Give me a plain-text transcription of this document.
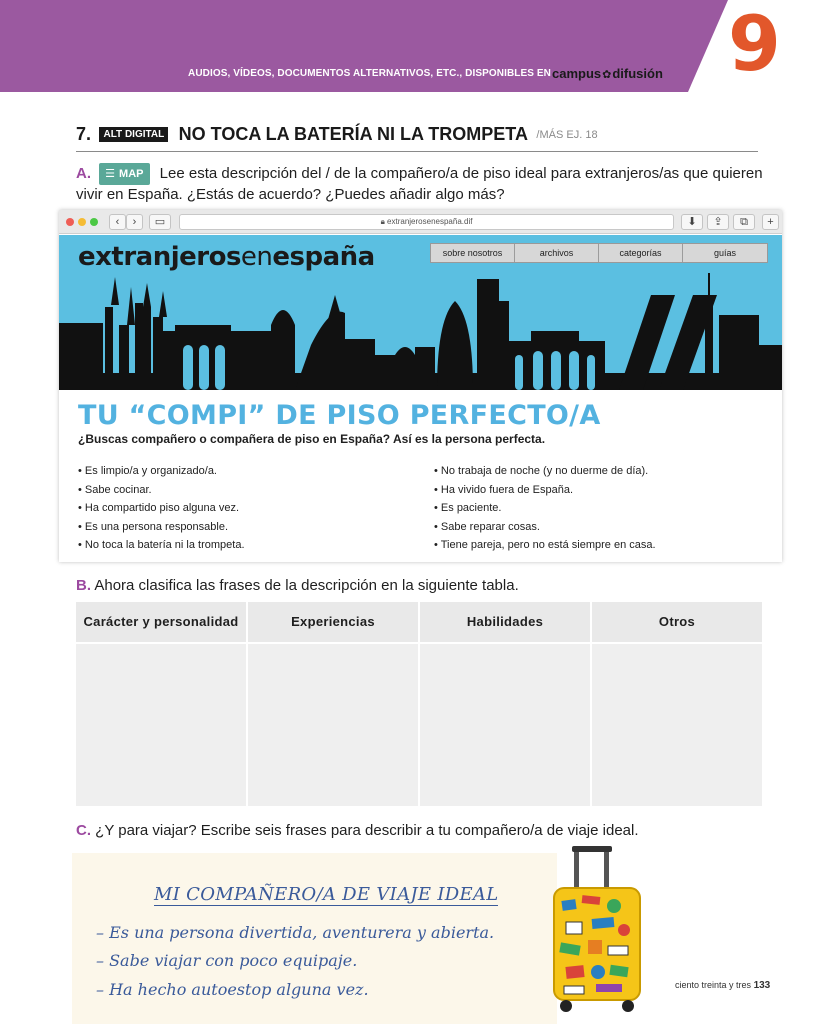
AUDIOS, VÍDEOS, DOCUMENTOS ALTERNATIVOS, ETC., DISPONIBLES EN campus✿difusión 9
7. ALT DIGITAL NO TOCA LA BATERÍA NI LA TROMPETA /MÁS EJ. 18
A. ☰ MAP Lee esta descripción del / de la compañero/a de piso ideal para extranjeros/as que quieren vivir en España. ¿Estás de acuerdo? ¿Puedes añadir algo más?
‹	›	▭	🔒︎ extranjerosenespaña.dif	⬇	⇪	⧉	+
extranjerosenespaña	sobre nosotros	archivos	categorías	guías
TU “COMPI” DE PISO PERFECTO/A
¿Buscas compañero o compañera de piso en España? Así es la persona perfecta.
• Es limpio/a y organizado/a.
• Sabe cocinar.
• Ha compartido piso alguna vez.
• Es una persona responsable.
• No toca la batería ni la trompeta.
• No trabaja de noche (y no duerme de día).
• Ha vivido fuera de España.
• Es paciente.
• Sabe reparar cosas.
• Tiene pareja, pero no está siempre en casa.
B. Ahora clasifica las frases de la descripción en la siguiente tabla.
Carácter y personalidad	Experiencias	Habilidades	Otros
C. ¿Y para viajar? Escribe seis frases para describir a tu compañero/a de viaje ideal.
MI COMPAÑERO/A DE VIAJE IDEAL
– Es una persona divertida, aventurera y abierta.
– Sabe viajar con poco equipaje.
– Ha hecho autoestop alguna vez.	ciento treinta y tres 133
